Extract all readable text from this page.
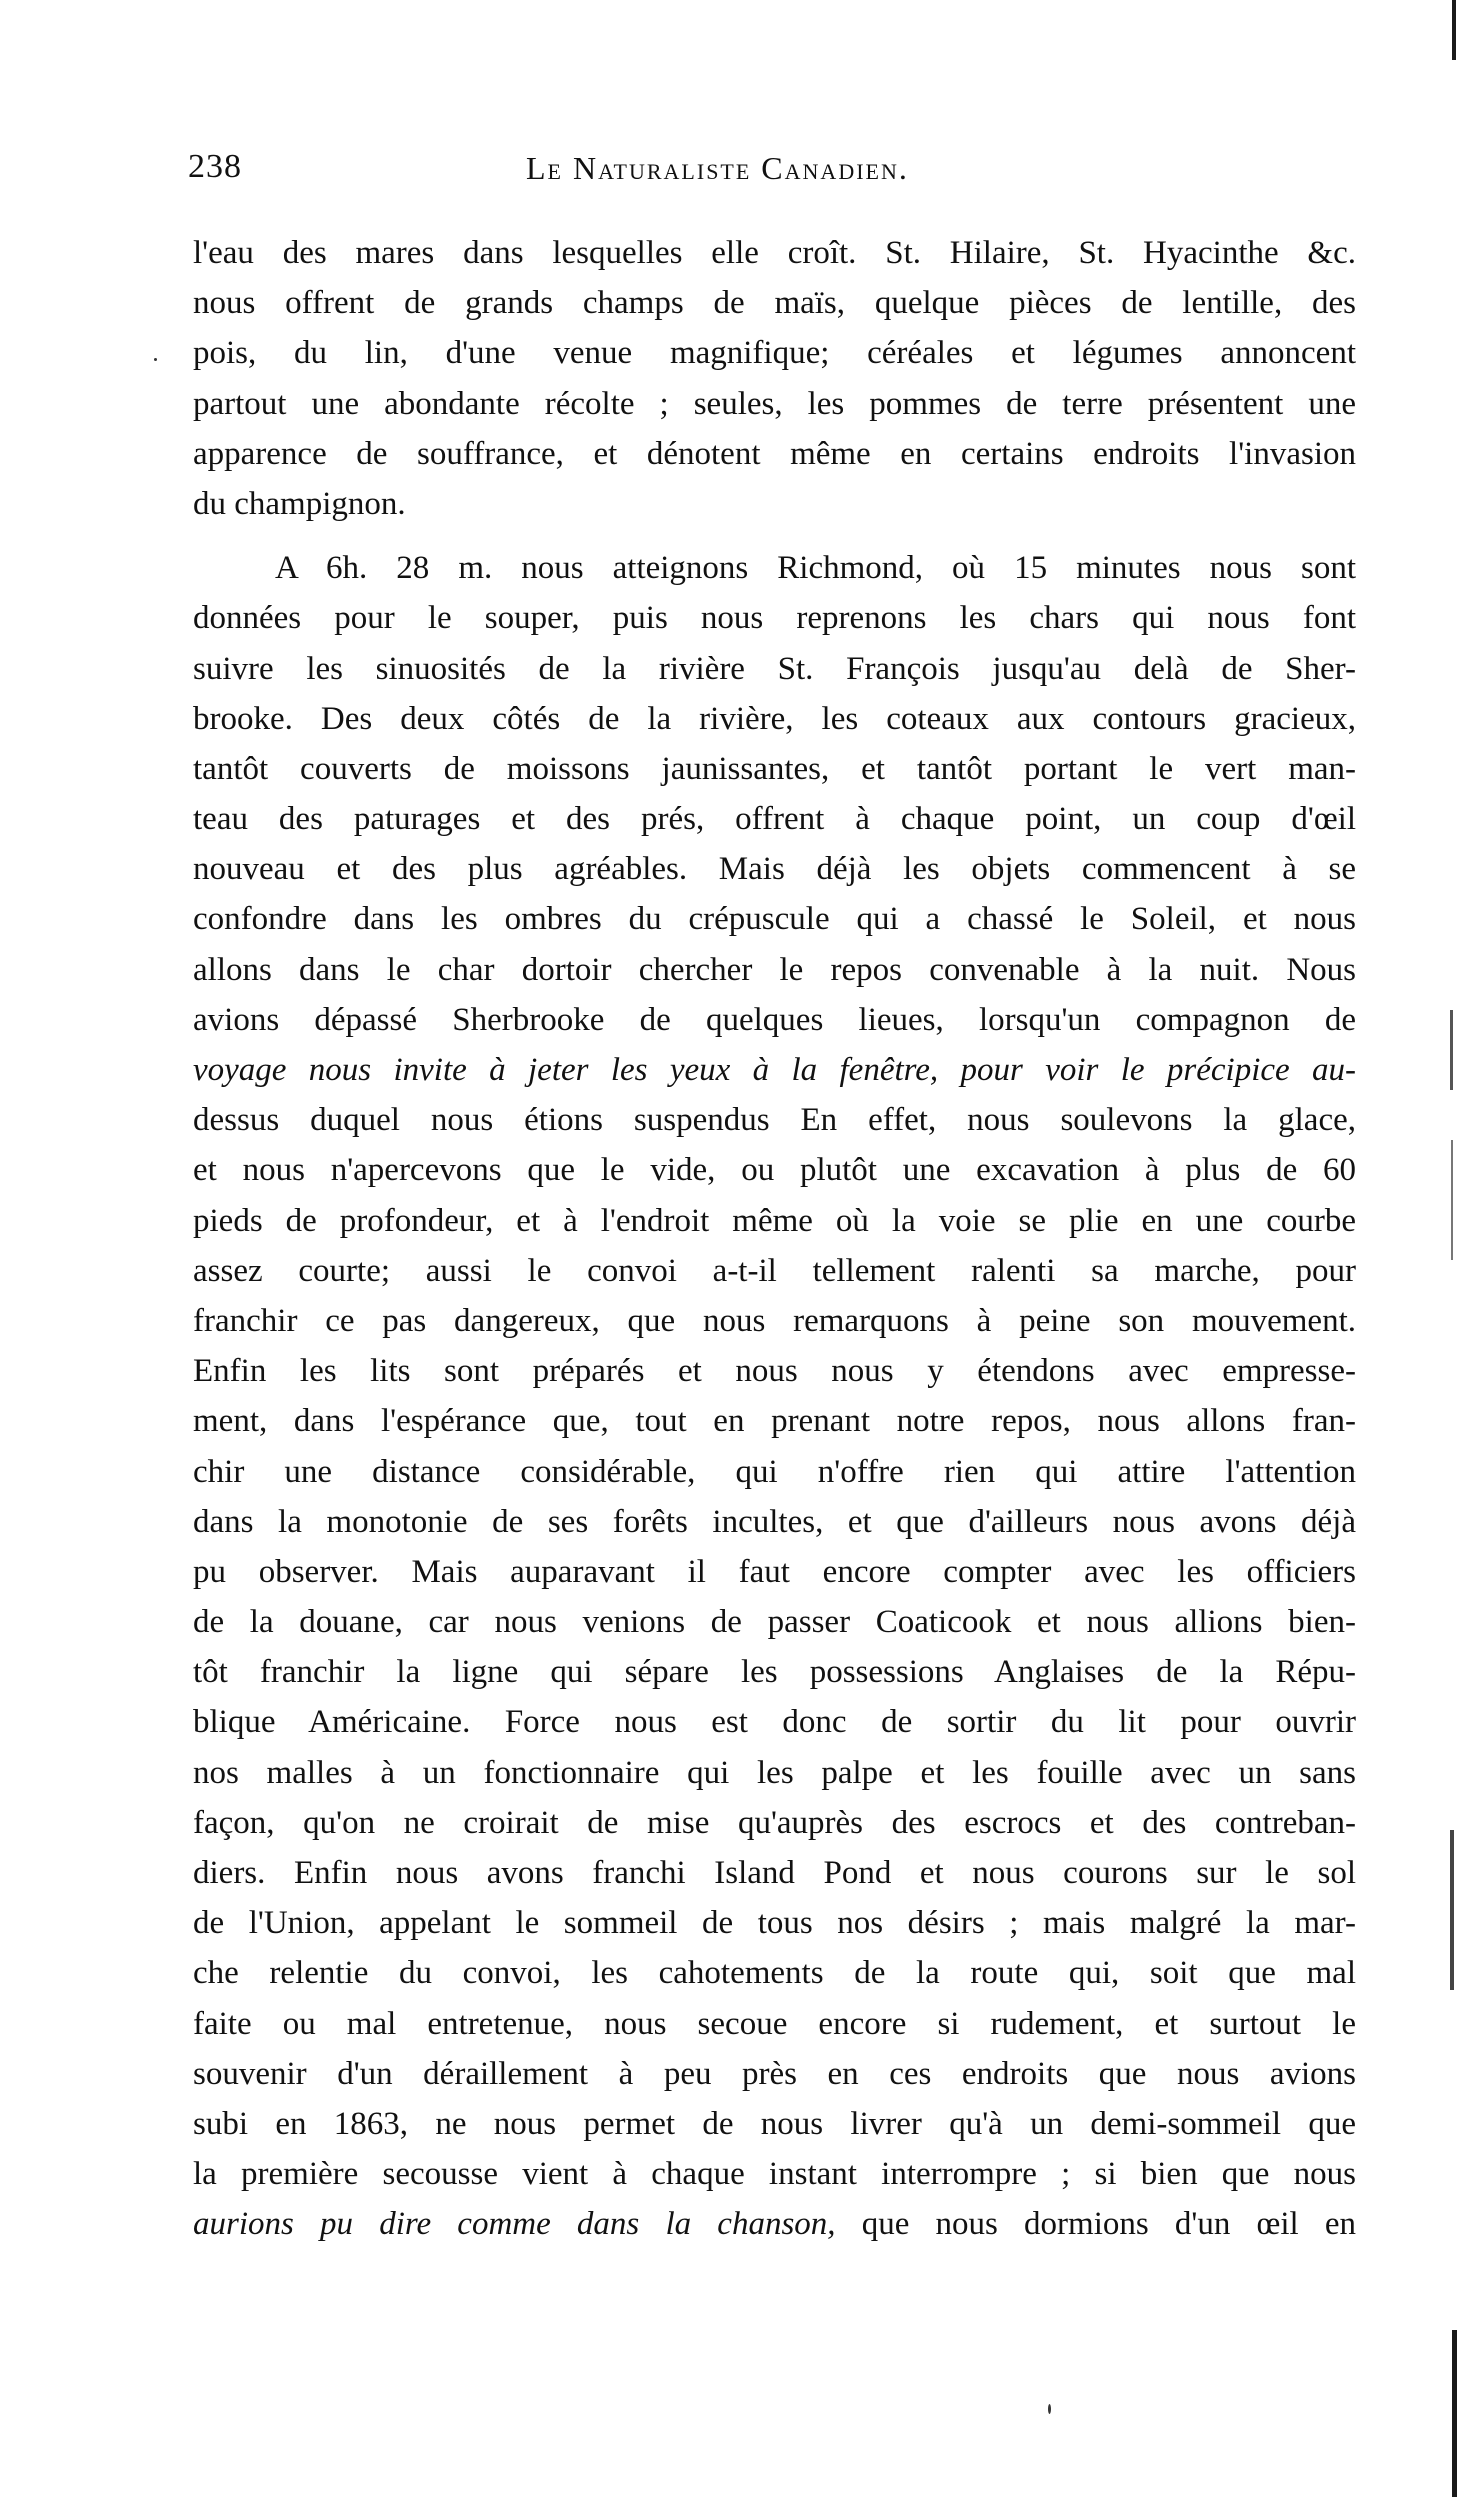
238	Le Naturaliste Canadien.
l'eau des mares dans lesquelles elle croît. St. Hilaire, St. Hyacinthe &c.
nous offrent de grands champs de maïs, quelque pièces de lentille, des
pois, du lin, d'une venue magnifique; céréales et légumes annoncent
partout une abondante récolte ; seules, les pommes de terre présentent une
apparence de souffrance, et dénotent même en certains endroits l'invasion
du champignon.
A 6h. 28 m. nous atteignons Richmond, où 15 minutes nous sont
données pour le souper, puis nous reprenons les chars qui nous font
suivre les sinuosités de la rivière St. François jusqu'au delà de Sher-
brooke. Des deux côtés de la rivière, les coteaux aux contours gracieux,
tantôt couverts de moissons jaunissantes, et tantôt portant le vert man-
teau des paturages et des prés, offrent à chaque point, un coup d'œil
nouveau et des plus agréables. Mais déjà les objets commencent à se
confondre dans les ombres du crépuscule qui a chassé le Soleil, et nous
allons dans le char dortoir chercher le repos convenable à la nuit. Nous
avions dépassé Sherbrooke de quelques lieues, lorsqu'un compagnon de
voyage nous invite à jeter les yeux à la fenêtre, pour voir le précipice au-
dessus duquel nous étions suspendus En effet, nous soulevons la glace,
et nous n'apercevons que le vide, ou plutôt une excavation à plus de 60
pieds de profondeur, et à l'endroit même où la voie se plie en une courbe
assez courte; aussi le convoi a-t-il tellement ralenti sa marche, pour
franchir ce pas dangereux, que nous remarquons à peine son mouvement.
Enfin les lits sont préparés et nous nous y étendons avec empresse-
ment, dans l'espérance que, tout en prenant notre repos, nous allons fran-
chir une distance considérable, qui n'offre rien qui attire l'attention
dans la monotonie de ses forêts incultes, et que d'ailleurs nous avons déjà
pu observer. Mais auparavant il faut encore compter avec les officiers
de la douane, car nous venions de passer Coaticook et nous allions bien-
tôt franchir la ligne qui sépare les possessions Anglaises de la Répu-
blique Américaine. Force nous est donc de sortir du lit pour ouvrir
nos malles à un fonctionnaire qui les palpe et les fouille avec un sans
façon, qu'on ne croirait de mise qu'auprès des escrocs et des contreban-
diers. Enfin nous avons franchi Island Pond et nous courons sur le sol
de l'Union, appelant le sommeil de tous nos désirs ; mais malgré la mar-
che relentie du convoi, les cahotements de la route qui, soit que mal
faite ou mal entretenue, nous secoue encore si rudement, et surtout le
souvenir d'un déraillement à peu près en ces endroits que nous avions
subi en 1863, ne nous permet de nous livrer qu'à un demi-sommeil que
la première secousse vient à chaque instant interrompre ; si bien que nous
aurions pu dire comme dans la chanson, que nous dormions d'un œil en
